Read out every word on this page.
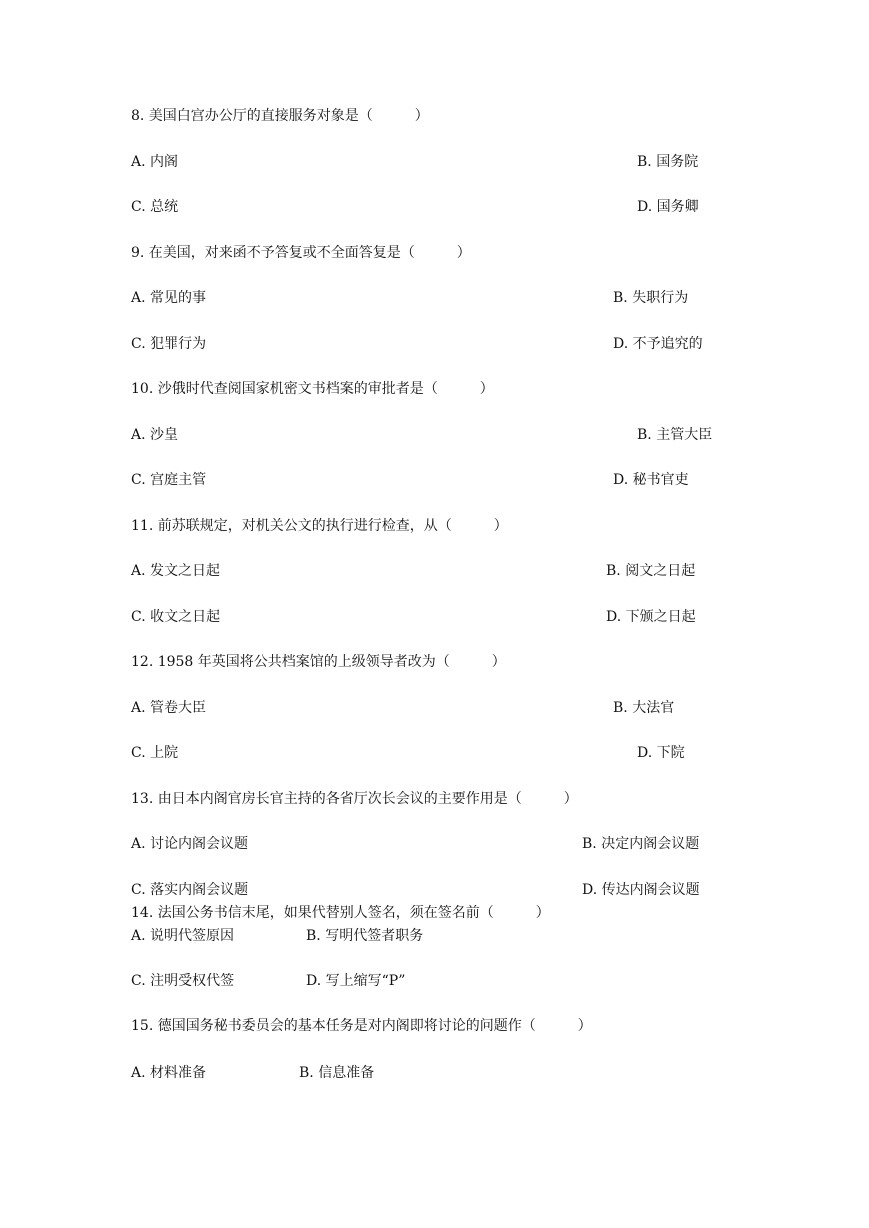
8. 美国白宫办公厅的直接服务对象是（　　　）
A. 内阁	B. 国务院
C. 总统	D. 国务卿
9. 在美国，对来函不予答复或不全面答复是（　　　）
A. 常见的事	B. 失职行为
C. 犯罪行为	D. 不予追究的
10. 沙俄时代查阅国家机密文书档案的审批者是（　　　）
A. 沙皇	B. 主管大臣
C. 宫庭主管	D. 秘书官吏
11. 前苏联规定，对机关公文的执行进行检查，从（　　　）
A. 发文之日起	B. 阅文之日起
C. 收文之日起	D. 下颁之日起
12. 1958 年英国将公共档案馆的上级领导者改为（　　　）
A. 管卷大臣	B. 大法官
C. 上院	D. 下院
13. 由日本内阁官房长官主持的各省厅次长会议的主要作用是（　　　）
A. 讨论内阁会议题	B. 决定内阁会议题
C. 落实内阁会议题	D. 传达内阁会议题
14. 法国公务书信末尾，如果代替别人签名，须在签名前（　　　）
A. 说明代签原因	B. 写明代签者职务
C. 注明受权代签	D. 写上缩写“P”
15. 德国国务秘书委员会的基本任务是对内阁即将讨论的问题作（　　　）
A. 材料准备	B. 信息准备
